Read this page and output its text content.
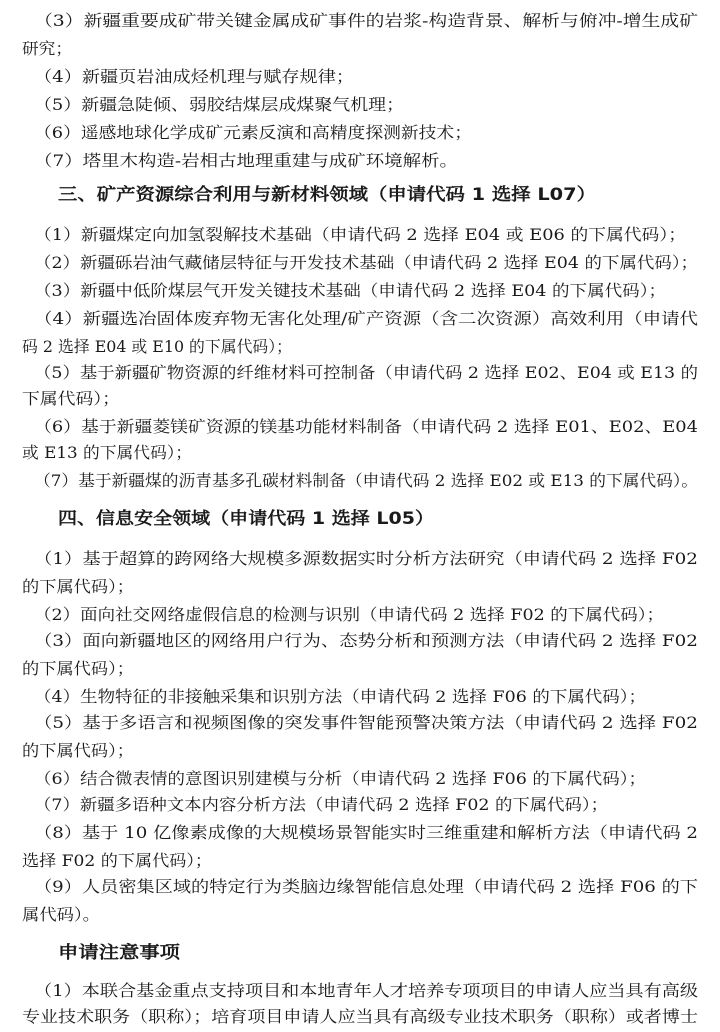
（3）新疆重要成矿带关键金属成矿事件的岩浆-构造背景、解析与俯冲-增生成矿
研究；
（4）新疆页岩油成烃机理与赋存规律；
（5）新疆急陡倾、弱胶结煤层成煤聚气机理；
（6）遥感地球化学成矿元素反演和高精度探测新技术；
（7）塔里木构造-岩相古地理重建与成矿环境解析。
三、矿产资源综合利用与新材料领域（申请代码 1 选择 L07）
（1）新疆煤定向加氢裂解技术基础（申请代码 2 选择 E04 或 E06 的下属代码）；
（2）新疆砾岩油气藏储层特征与开发技术基础（申请代码 2 选择 E04 的下属代码）；
（3）新疆中低阶煤层气开发关键技术基础（申请代码 2 选择 E04 的下属代码）；
（4）新疆选冶固体废弃物无害化处理/矿产资源（含二次资源）高效利用（申请代
码 2 选择 E04 或 E10 的下属代码）；
（5）基于新疆矿物资源的纤维材料可控制备（申请代码 2 选择 E02、E04 或 E13 的
下属代码）；
（6）基于新疆菱镁矿资源的镁基功能材料制备（申请代码 2 选择 E01、E02、E04
或 E13 的下属代码）；
（7）基于新疆煤的沥青基多孔碳材料制备（申请代码 2 选择 E02 或 E13 的下属代码）。
四、信息安全领域（申请代码 1 选择 L05）
（1）基于超算的跨网络大规模多源数据实时分析方法研究（申请代码 2 选择 F02
的下属代码）；
（2）面向社交网络虚假信息的检测与识别（申请代码 2 选择 F02 的下属代码）；
（3）面向新疆地区的网络用户行为、态势分析和预测方法（申请代码 2 选择 F02
的下属代码）；
（4）生物特征的非接触采集和识别方法（申请代码 2 选择 F06 的下属代码）；
（5）基于多语言和视频图像的突发事件智能预警决策方法（申请代码 2 选择 F02
的下属代码）；
（6）结合微表情的意图识别建模与分析（申请代码 2 选择 F06 的下属代码）；
（7）新疆多语种文本内容分析方法（申请代码 2 选择 F02 的下属代码）；
（8）基于 10 亿像素成像的大规模场景智能实时三维重建和解析方法（申请代码 2
选择 F02 的下属代码）；
（9）人员密集区域的特定行为类脑边缘智能信息处理（申请代码 2 选择 F06 的下
属代码）。
申请注意事项
（1）本联合基金重点支持项目和本地青年人才培养专项项目的申请人应当具有高级
专业技术职务（职称）；培育项目申请人应当具有高级专业技术职务（职称）或者博士
